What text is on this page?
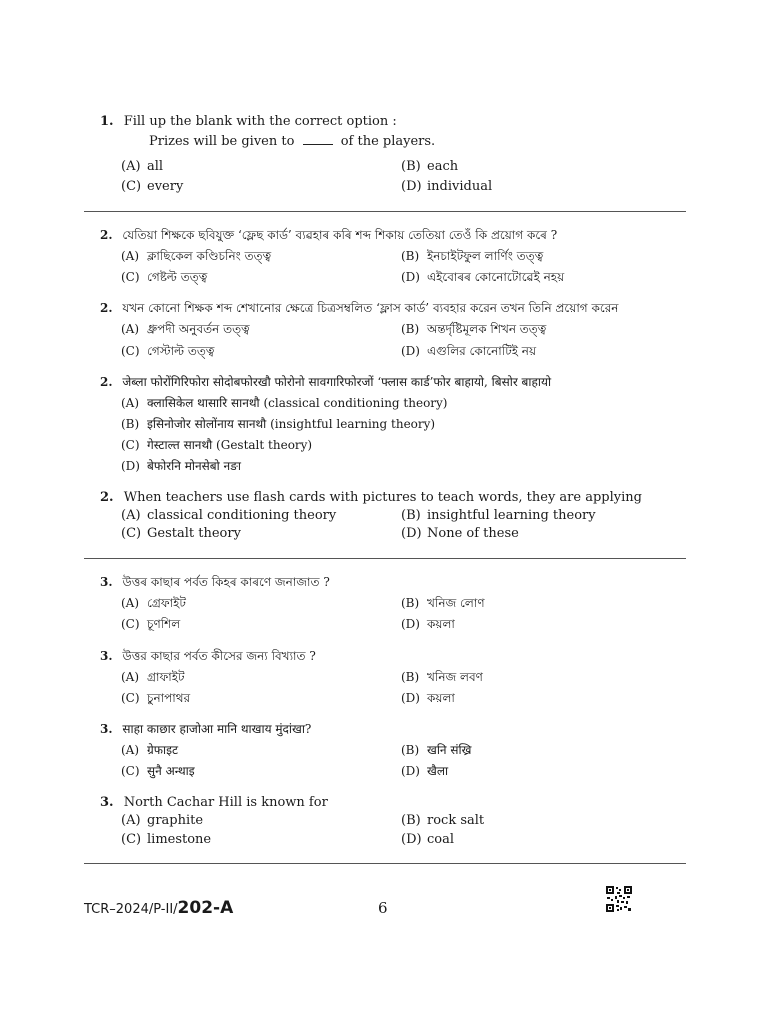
1. Fill up the blank with the correct option :
Prizes will be given to	of the players.
(A) all	(B) each
(C) every	(D) individual
2. যেতিয়া শিক্ষকে ছবিযুক্ত ‘ফ্লেছ কাৰ্ড’ ব্যৱহাৰ কৰি শব্দ শিকায় তেতিয়া তেওঁ কি প্ৰয়োগ কৰে ?
(A) ক্লাছিকেল কণ্ডিচনিং তত্ত্ব	(B) ইনচাইটফুল লাৰ্ণিং তত্ত্ব
(C) গেষ্টল্ট তত্ত্ব	(D) এইবোৰৰ কোনোটোৱেই নহয়
2. যখন কোনো শিক্ষক শব্দ শেখানোর ক্ষেত্রে চিত্রসম্বলিত ‘ফ্লাস কার্ড’ ব্যবহার করেন তখন তিনি প্রয়োগ করেন
(A) ধ্রুপদী অনুবর্তন তত্ত্ব	(B) অন্তর্দৃষ্টিমূলক শিখন তত্ত্ব
(C) গেস্টাল্ট তত্ত্ব	(D) এগুলির কোনোটিই নয়
2. जेब्ला फोरोंगिरिफोरा सोदोबफोरखौ फोरोनो सावगारिफोरजों ‘फ्लास कार्ड’फोर बाहायो, बिसोर बाहायो
(A) क्लासिकेल थासारि सानथौ (classical conditioning theory)
(B) इसिनोजोर सोलोंनाय सानथौ (insightful learning theory)
(C) गेस्टाल्त सानथौ (Gestalt theory)
(D) बेफोरनि मोनसेबो नङा
2. When teachers use flash cards with pictures to teach words, they are applying
(A) classical conditioning theory	(B) insightful learning theory
(C) Gestalt theory	(D) None of these
3. উত্তৰ কাছাৰ পৰ্বত কিহৰ কাৰণে জনাজাত ?
(A) গ্ৰেফাইট	(B) খনিজ লোণ
(C) চূণশিল	(D) কয়লা
3. উত্তর কাছার পর্বত কীসের জন্য বিখ্যাত ?
(A) গ্রাফাইট	(B) খনিজ লবণ
(C) চুনাপাথর	(D) কয়লা
3. साहा काछार हाजोआ मानि थाखाय मुंदांखा?
(A) ग्रेफाइट	(B) खनि संख्रि
(C) सुनै अन्थाइ	(D) खैला
3. North Cachar Hill is known for
(A) graphite	(B) rock salt
(C) limestone	(D) coal
TCR–2024/P-II/202-A	6
